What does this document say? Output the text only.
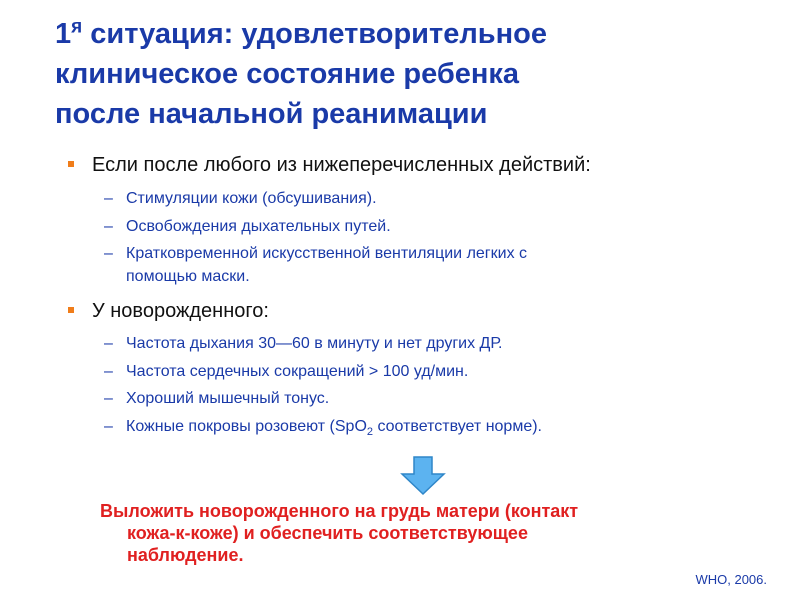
$1^я$ ситуация: удовлетворительное
клиническое состояние ребенка
после начальной реанимации
Если после любого из нижеперечисленных действий:
– Стимуляции кожи (обсушивания).
– Освобождения дыхательных путей.
– Кратковременной искусственной вентиляции легких с
помощью маски.
У новорожденного:
– Частота дыхания 30—60 в минуту и нет других ДР.
– Частота сердечных сокращений > 100 уд/мин.
– Хороший мышечный тонус.
– Кожные покровы розовеют (SpO$_2$ соответствует норме).
Выложить новорожденного на грудь матери (контакт
кожа-к-коже) и обеспечить соответствующее
наблюдение.
WHO, 2006.
